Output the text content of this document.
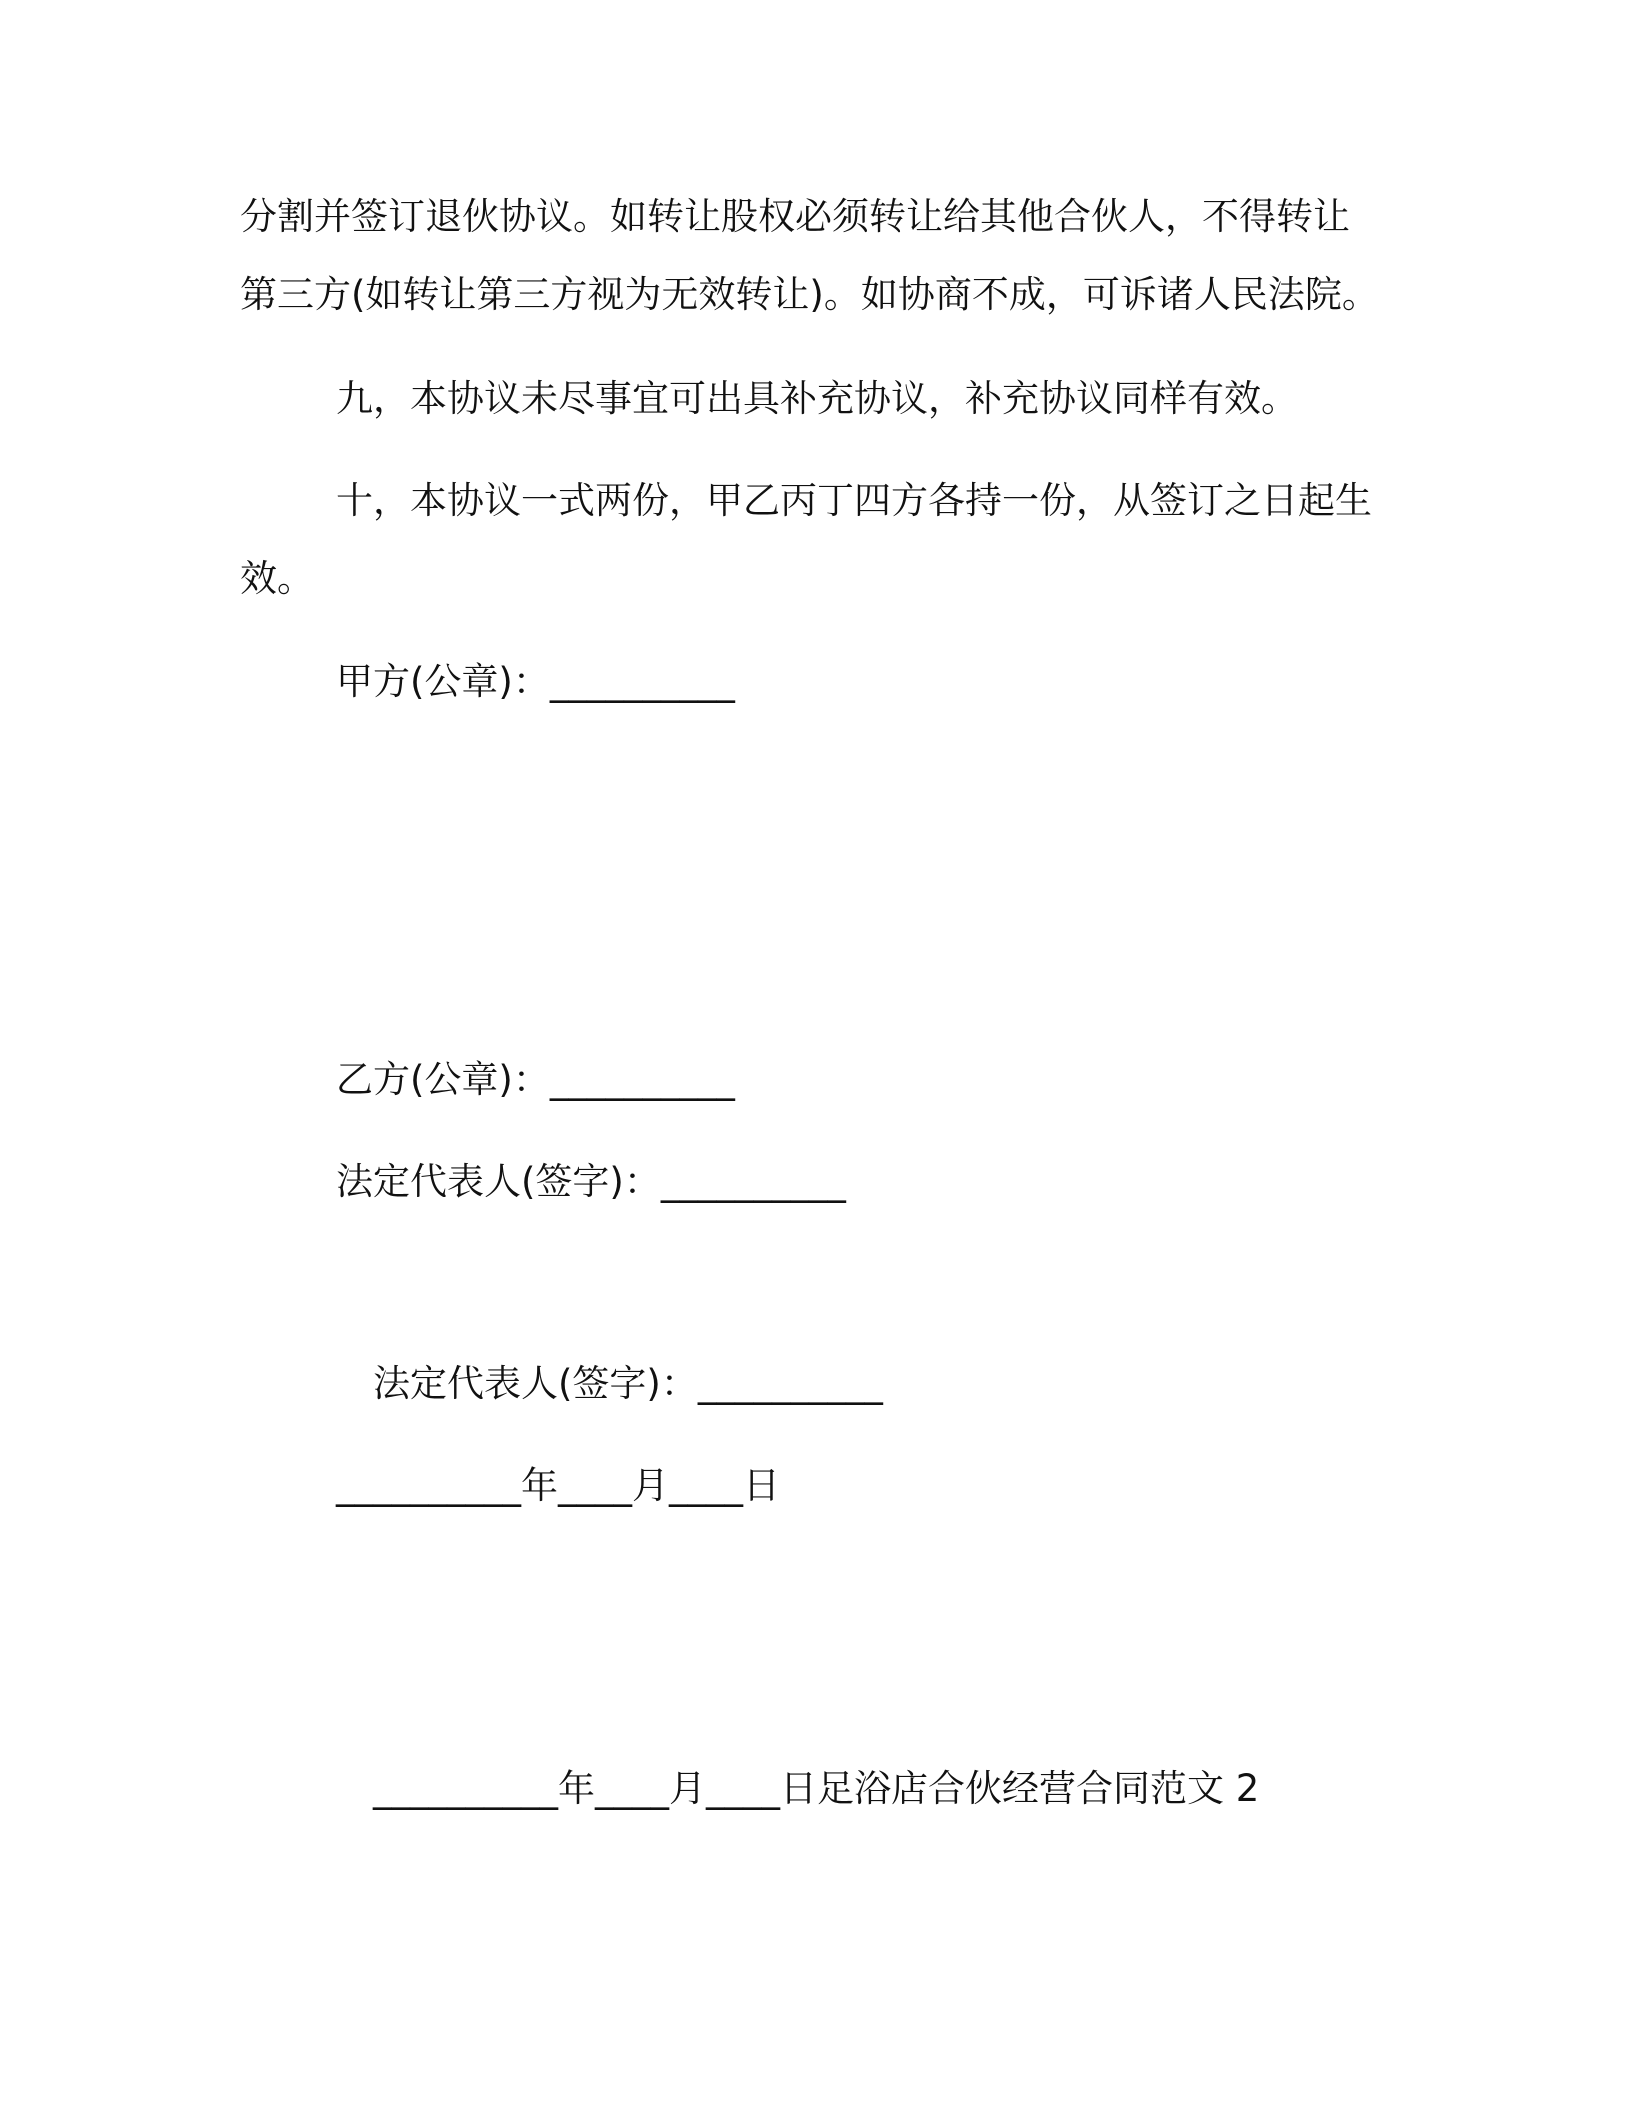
分割并签订退伙协议。如转让股权必须转让给其他合伙人，不得转让
第三方(如转让第三方视为无效转让)。如协商不成，可诉诸人民法院。
九，本协议未尽事宜可出具补充协议，补充协议同样有效。
十，本协议一式两份，甲乙丙丁四方各持一份，从签订之日起生
效。
甲方(公章)：__________
乙方(公章)：__________
法定代表人(签字)：__________
法定代表人(签字)：__________
__________年____月____日
__________年____月____日足浴店合伙经营合同范文 2
